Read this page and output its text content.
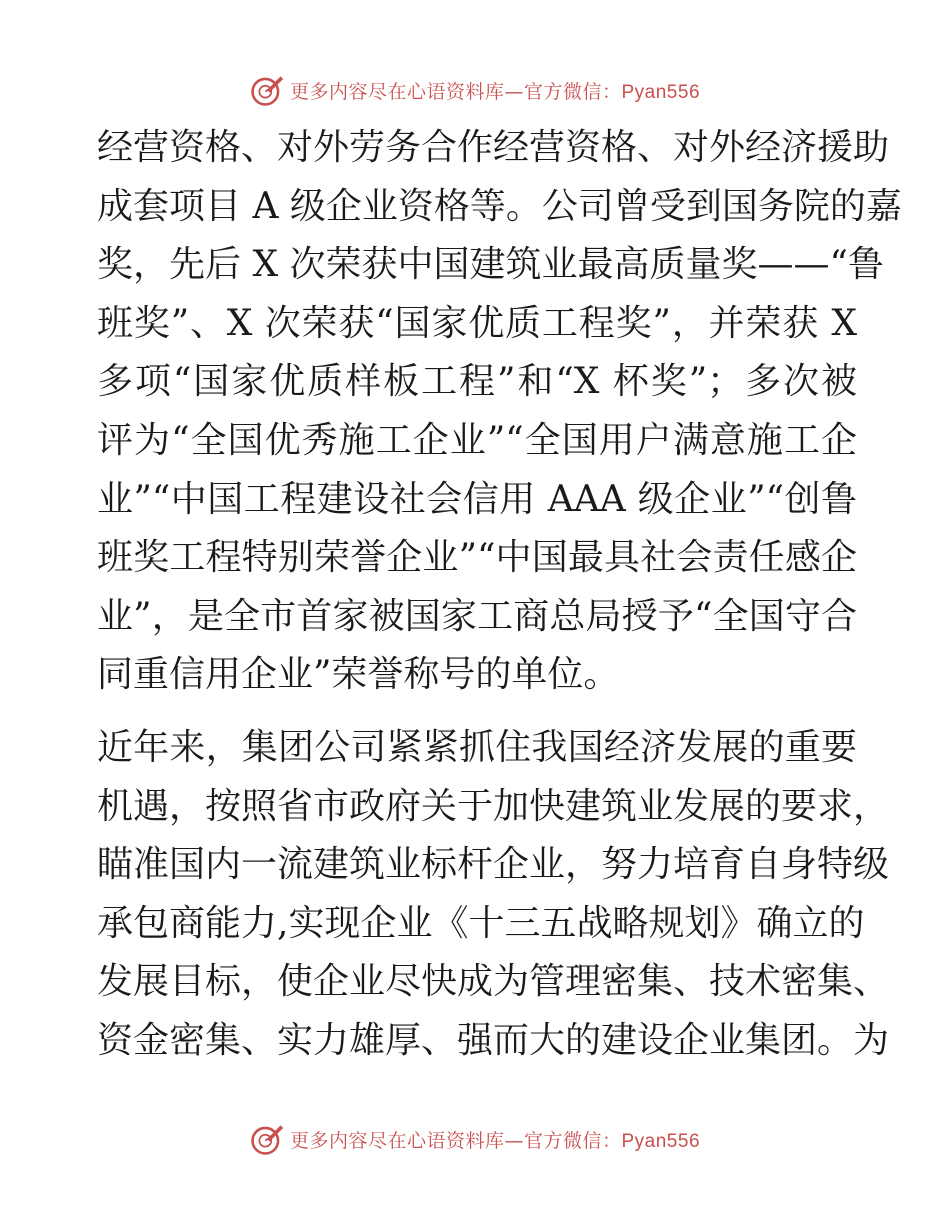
更多内容尽在心语资料库—官方微信：Pyan556
经营资格、对外劳务合作经营资格、对外经济援助
成套项目 A 级企业资格等。公司曾受到国务院的嘉
奖，先后 X 次荣获中国建筑业最高质量奖——“鲁
班奖”、X 次荣获“国家优质工程奖”，并荣获 X
多项“国家优质样板工程”和“X 杯奖”；多次被
评为“全国优秀施工企业”“全国用户满意施工企
业”“中国工程建设社会信用 AAA 级企业”“创鲁
班奖工程特别荣誉企业”“中国最具社会责任感企
业”，是全市首家被国家工商总局授予“全国守合
同重信用企业”荣誉称号的单位。
近年来，集团公司紧紧抓住我国经济发展的重要
机遇，按照省市政府关于加快建筑业发展的要求，
瞄准国内一流建筑业标杆企业，努力培育自身特级
承包商能力,实现企业《十三五战略规划》确立的
发展目标，使企业尽快成为管理密集、技术密集、
资金密集、实力雄厚、强而大的建设企业集团。为
更多内容尽在心语资料库—官方微信：Pyan556
